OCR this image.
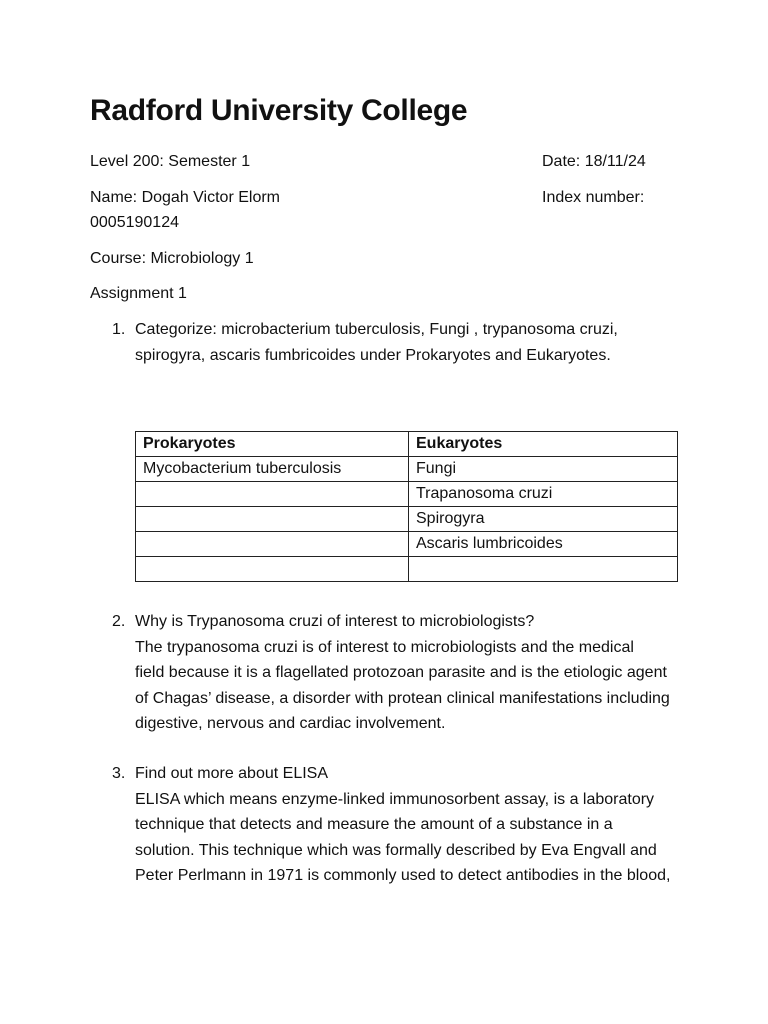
Radford University College
Level 200: Semester 1	Date: 18/11/24
Name: Dogah Victor Elorm	Index number:
0005190124
Course: Microbiology 1
Assignment 1
1. Categorize: microbacterium tuberculosis, Fungi , trypanosoma cruzi,
spirogyra, ascaris fumbricoides under Prokaryotes and Eukaryotes.
Prokaryotes	Eukaryotes
Mycobacterium tuberculosis	Fungi
	Trapanosoma cruzi
	Spirogyra
	Ascaris lumbricoides

2. Why is Trypanosoma cruzi of interest to microbiologists?
The trypanosoma cruzi is of interest to microbiologists and the medical
field because it is a flagellated protozoan parasite and is the etiologic agent
of Chagas’ disease, a disorder with protean clinical manifestations including
digestive, nervous and cardiac involvement.
3. Find out more about ELISA
ELISA which means enzyme-linked immunosorbent assay, is a laboratory
technique that detects and measure the amount of a substance in a
solution. This technique which was formally described by Eva Engvall and
Peter Perlmann in 1971 is commonly used to detect antibodies in the blood,
